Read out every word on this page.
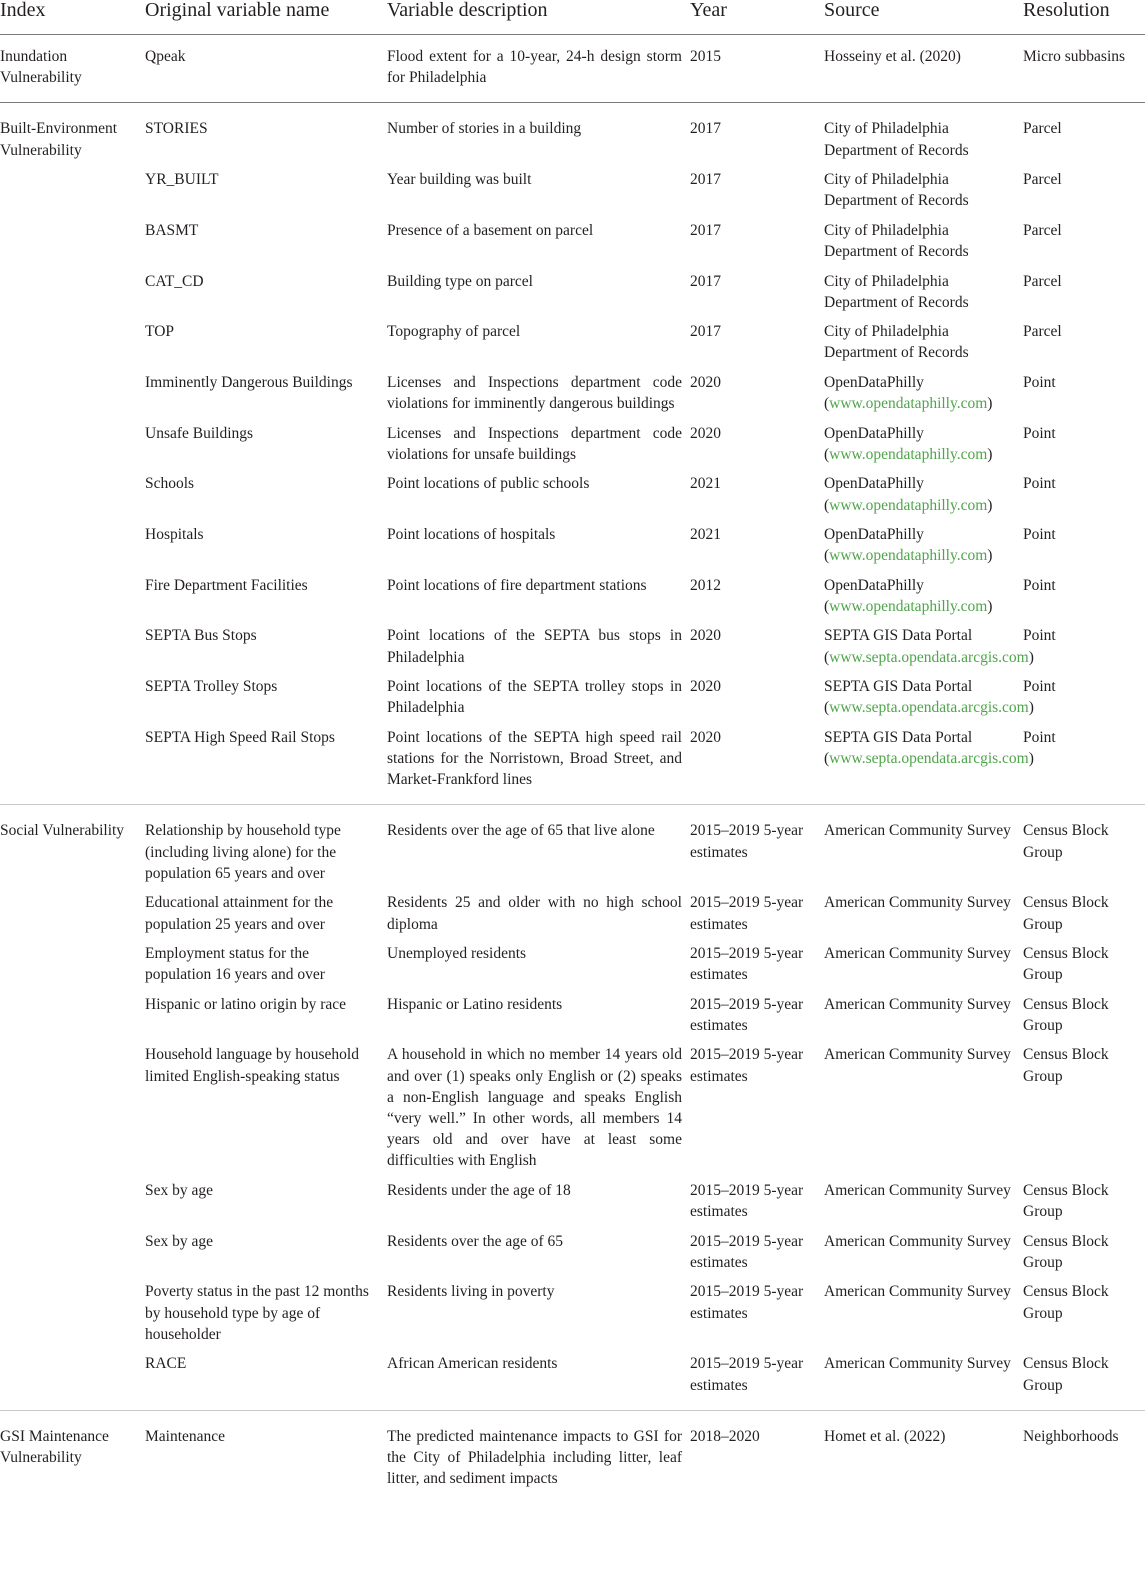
Index	Original variable name	Variable description	Year	Source	Resolution
Inundation Vulnerability	Qpeak	Flood extent for a 10-year, 24-h design storm for Philadelphia	2015	Hosseiny et al. (2020)	Micro subbasins
Built-Environment Vulnerability	STORIES	Number of stories in a building	2017	City of Philadelphia Department of Records	Parcel
	YR_BUILT	Year building was built	2017	City of Philadelphia Department of Records	Parcel
	BASMT	Presence of a basement on parcel	2017	City of Philadelphia Department of Records	Parcel
	CAT_CD	Building type on parcel	2017	City of Philadelphia Department of Records	Parcel
	TOP	Topography of parcel	2017	City of Philadelphia Department of Records	Parcel
	Imminently Dangerous Buildings	Licenses and Inspections department code violations for imminently dangerous buildings	2020	OpenDataPhilly (www.opendataphilly.com)	Point
	Unsafe Buildings	Licenses and Inspections department code violations for unsafe buildings	2020	OpenDataPhilly (www.opendataphilly.com)	Point
	Schools	Point locations of public schools	2021	OpenDataPhilly (www.opendataphilly.com)	Point
	Hospitals	Point locations of hospitals	2021	OpenDataPhilly (www.opendataphilly.com)	Point
	Fire Department Facilities	Point locations of fire department stations	2012	OpenDataPhilly (www.opendataphilly.com)	Point
	SEPTA Bus Stops	Point locations of the SEPTA bus stops in Philadelphia	2020	SEPTA GIS Data Portal (www.septa.opendata.arcgis.com)	Point
	SEPTA Trolley Stops	Point locations of the SEPTA trolley stops in Philadelphia	2020	SEPTA GIS Data Portal (www.septa.opendata.arcgis.com)	Point
	SEPTA High Speed Rail Stops	Point locations of the SEPTA high speed rail stations for the Norristown, Broad Street, and Market-Frankford lines	2020	SEPTA GIS Data Portal (www.septa.opendata.arcgis.com)	Point
Social Vulnerability	Relationship by household type (including living alone) for the population 65 years and over	Residents over the age of 65 that live alone	2015–2019 5-year estimates	American Community Survey	Census Block Group
	Educational attainment for the population 25 years and over	Residents 25 and older with no high school diploma	2015–2019 5-year estimates	American Community Survey	Census Block Group
	Employment status for the population 16 years and over	Unemployed residents	2015–2019 5-year estimates	American Community Survey	Census Block Group
	Hispanic or latino origin by race	Hispanic or Latino residents	2015–2019 5-year estimates	American Community Survey	Census Block Group
	Household language by household limited English-speaking status	A household in which no member 14 years old and over (1) speaks only English or (2) speaks a non-English language and speaks English “very well.” In other words, all members 14 years old and over have at least some difficulties with English	2015–2019 5-year estimates	American Community Survey	Census Block Group
	Sex by age	Residents under the age of 18	2015–2019 5-year estimates	American Community Survey	Census Block Group
	Sex by age	Residents over the age of 65	2015–2019 5-year estimates	American Community Survey	Census Block Group
	Poverty status in the past 12 months by household type by age of householder	Residents living in poverty	2015–2019 5-year estimates	American Community Survey	Census Block Group
	RACE	African American residents	2015–2019 5-year estimates	American Community Survey	Census Block Group
GSI Maintenance Vulnerability	Maintenance	The predicted maintenance impacts to GSI for the City of Philadelphia including litter, leaf litter, and sediment impacts	2018–2020	Homet et al. (2022)	Neighborhoods
